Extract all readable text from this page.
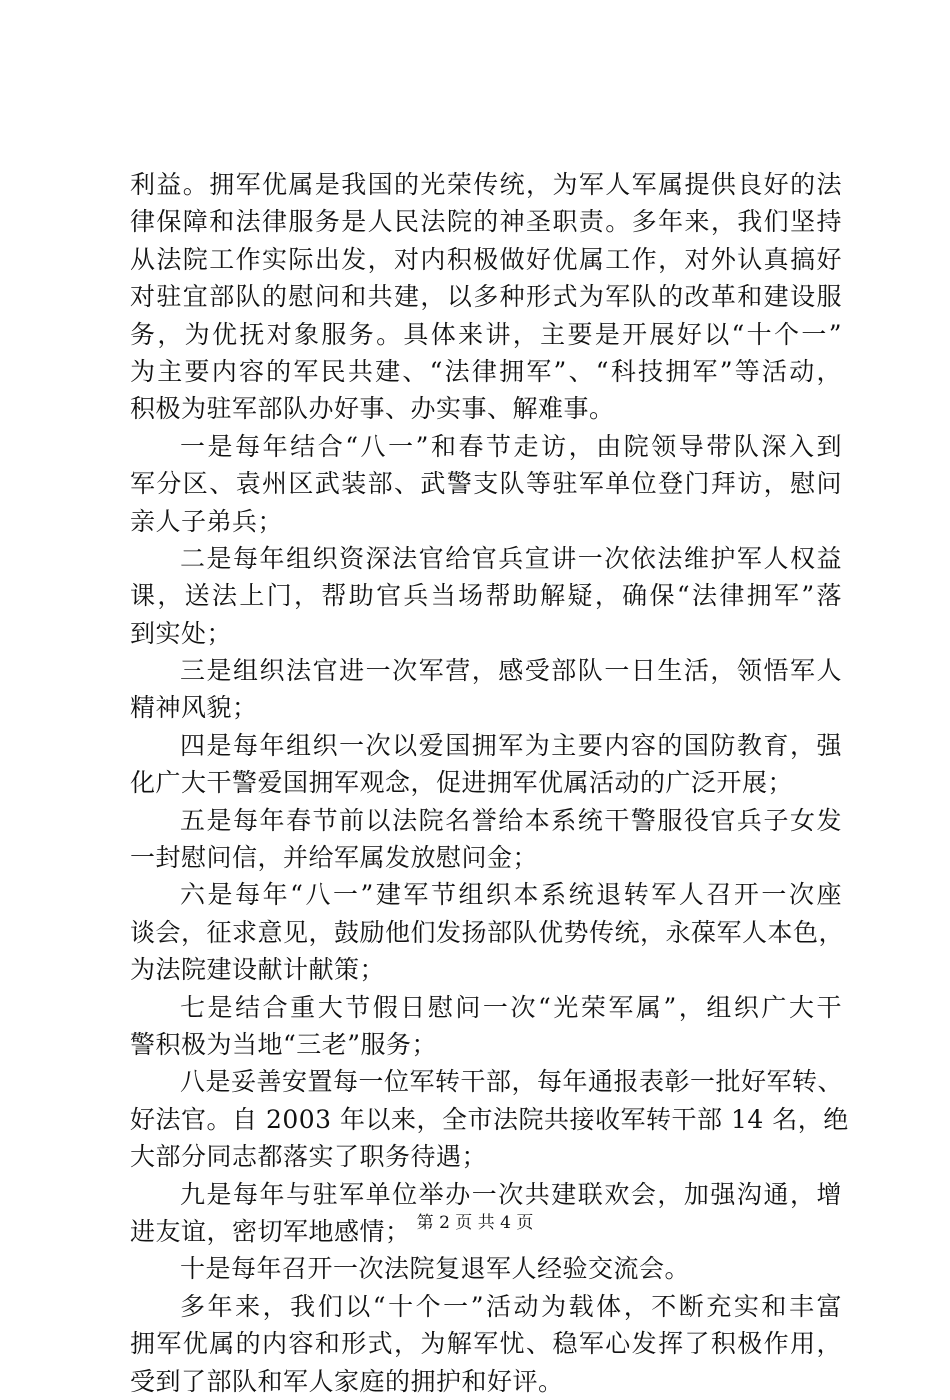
利益。拥军优属是我国的光荣传统，为军人军属提供良好的法
律保障和法律服务是人民法院的神圣职责。多年来，我们坚持
从法院工作实际出发，对内积极做好优属工作，对外认真搞好
对驻宜部队的慰问和共建，以多种形式为军队的改革和建设服
务，为优抚对象服务。具体来讲，主要是开展好以“十个一”
为主要内容的军民共建、“法律拥军”、“科技拥军”等活动，
积极为驻军部队办好事、办实事、解难事。
一是每年结合“八一”和春节走访，由院领导带队深入到
军分区、袁州区武装部、武警支队等驻军单位登门拜访，慰问
亲人子弟兵；
二是每年组织资深法官给官兵宣讲一次依法维护军人权益
课，送法上门，帮助官兵当场帮助解疑，确保“法律拥军”落
到实处；
三是组织法官进一次军营，感受部队一日生活，领悟军人
精神风貌；
四是每年组织一次以爱国拥军为主要内容的国防教育，强
化广大干警爱国拥军观念，促进拥军优属活动的广泛开展；
五是每年春节前以法院名誉给本系统干警服役官兵子女发
一封慰问信，并给军属发放慰问金；
六是每年“八一”建军节组织本系统退转军人召开一次座
谈会，征求意见，鼓励他们发扬部队优势传统，永葆军人本色，
为法院建设献计献策；
七是结合重大节假日慰问一次“光荣军属”，组织广大干
警积极为当地“三老”服务；
八是妥善安置每一位军转干部，每年通报表彰一批好军转、
好法官。自 2003 年以来，全市法院共接收军转干部 14 名，绝
大部分同志都落实了职务待遇；
九是每年与驻军单位举办一次共建联欢会，加强沟通，增
进友谊，密切军地感情；
十是每年召开一次法院复退军人经验交流会。
多年来，我们以“十个一”活动为载体，不断充实和丰富
拥军优属的内容和形式，为解军忧、稳军心发挥了积极作用，
受到了部队和军人家庭的拥护和好评。
第 2 页 共 4 页
